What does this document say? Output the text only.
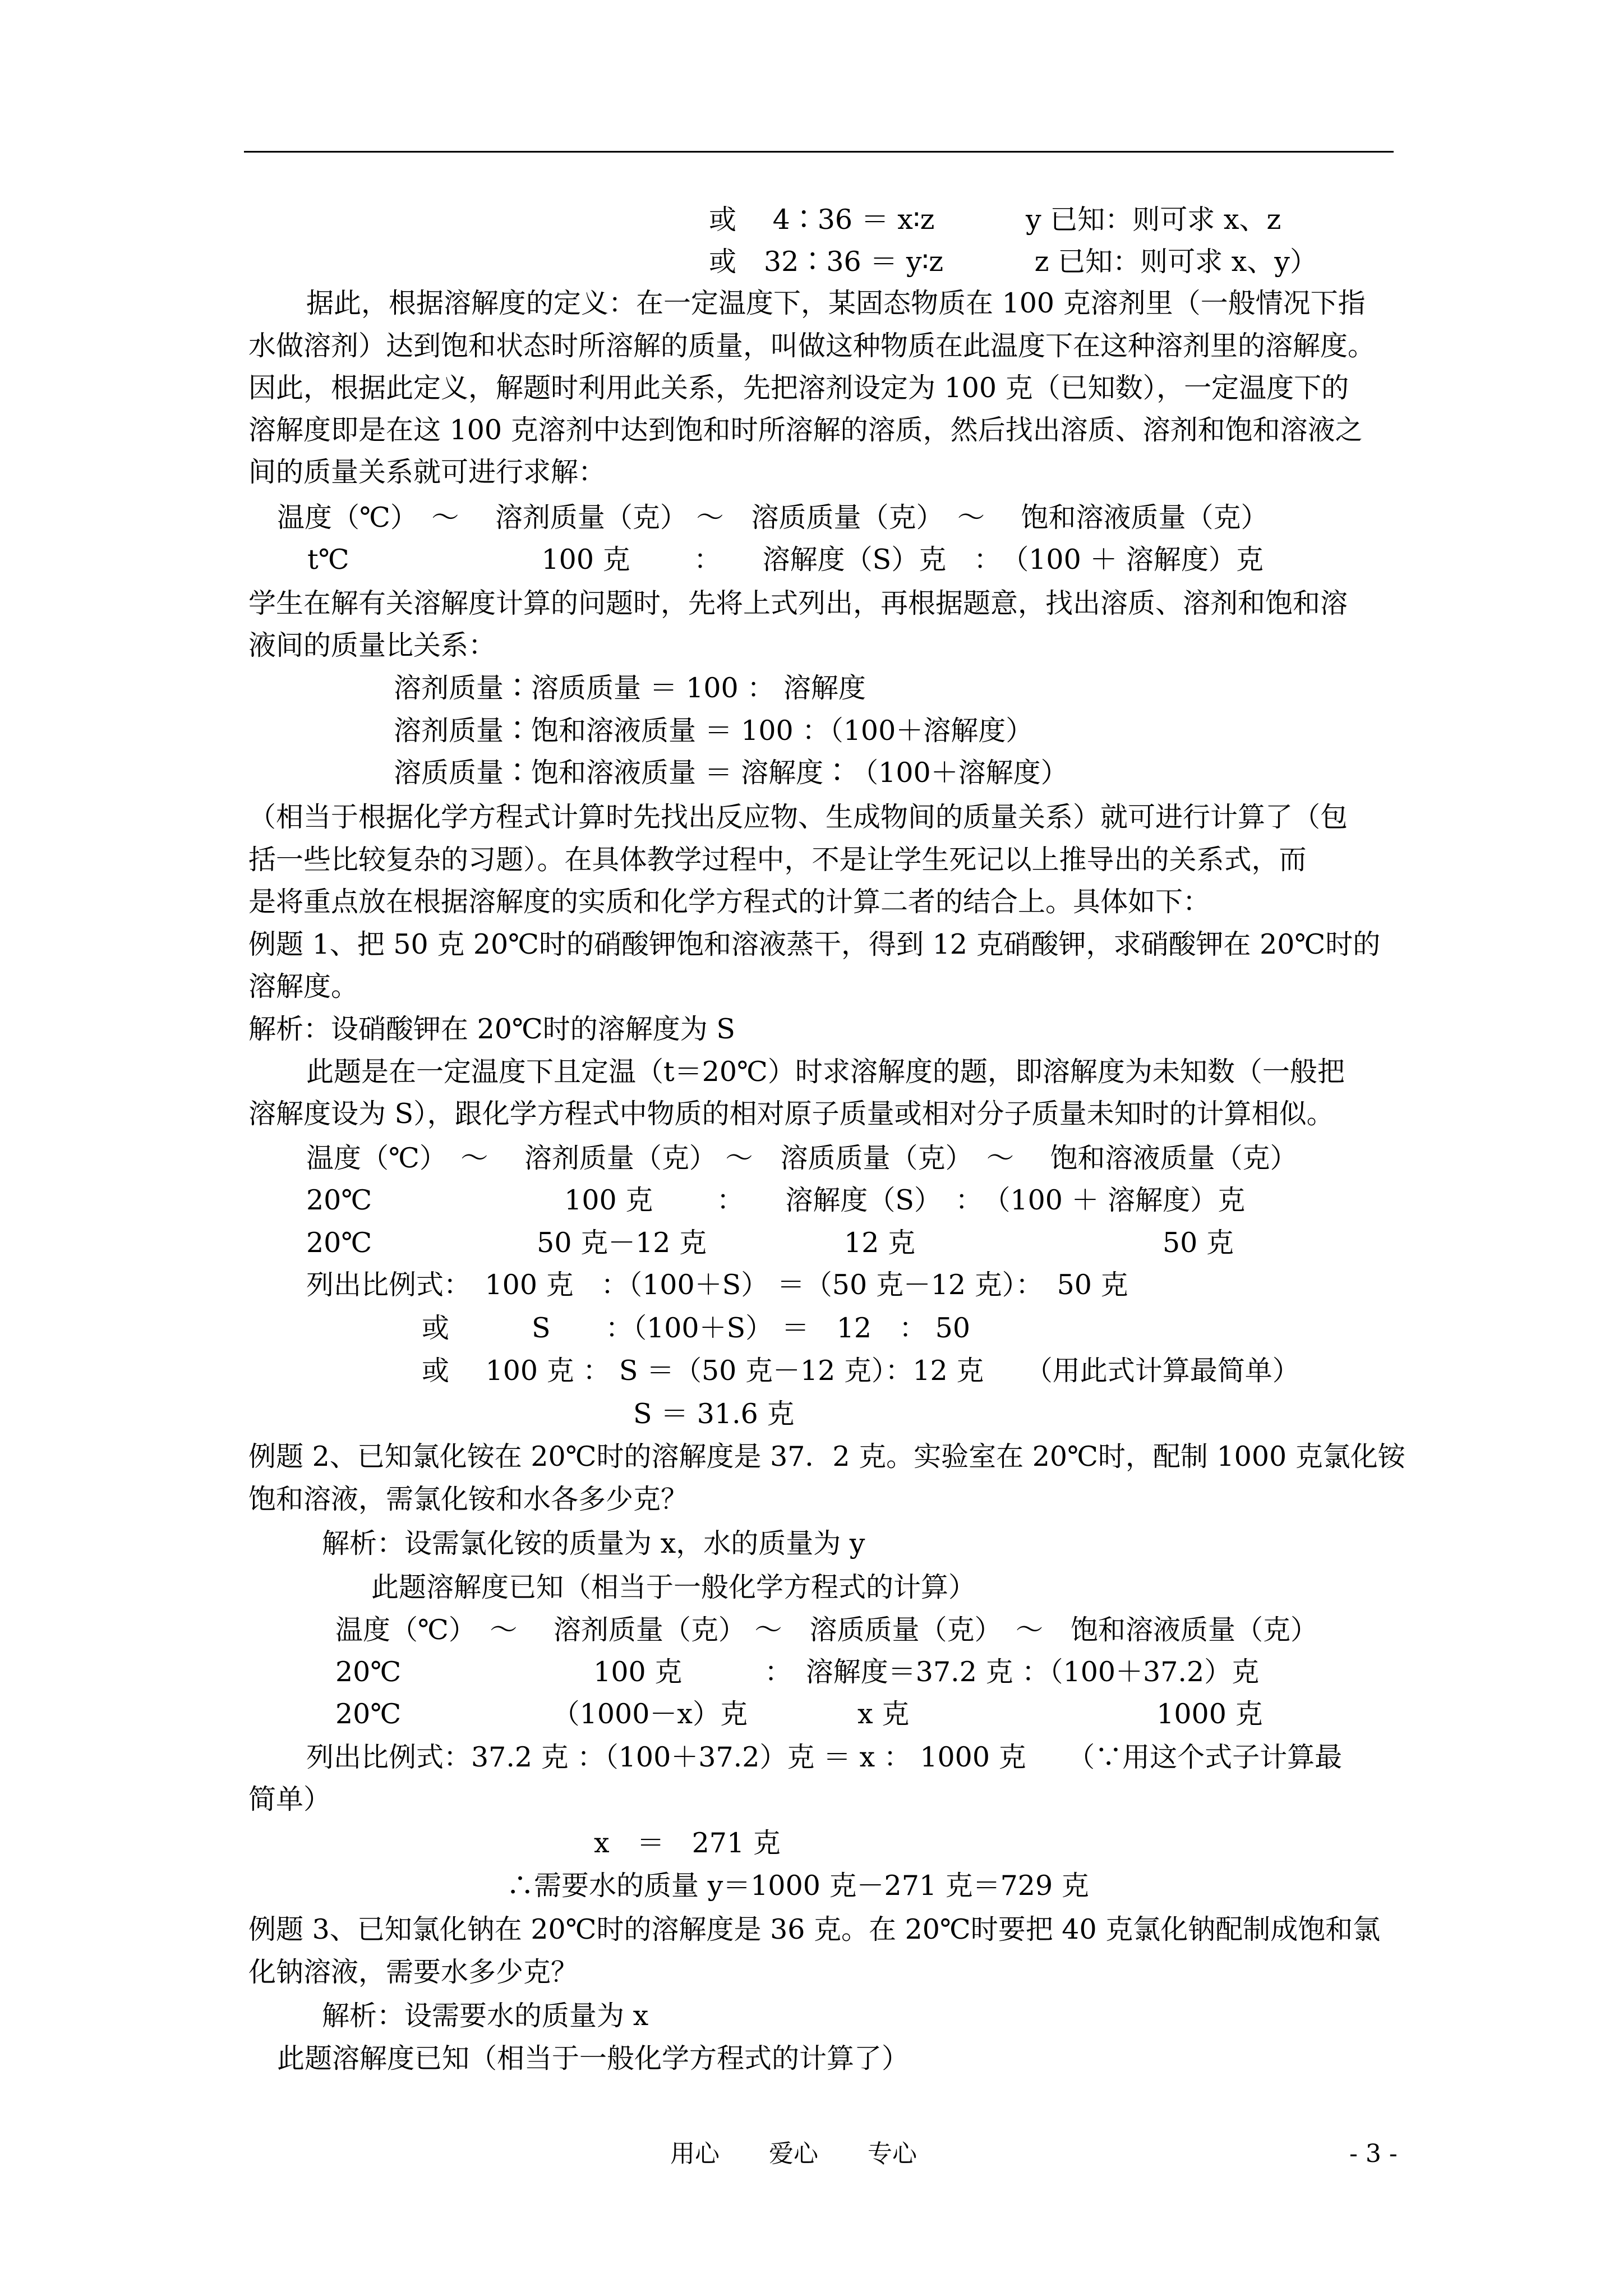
或　 4∶36 ＝ x∶z　　　 y 已知：则可求 x、z
或　32∶36 ＝ y∶z　　　 z 已知：则可求 x、y）
据此，根据溶解度的定义：在一定温度下，某固态物质在 100 克溶剂里（一般情况下指
水做溶剂）达到饱和状态时所溶解的质量，叫做这种物质在此温度下在这种溶剂里的溶解度。
因此，根据此定义，解题时利用此关系，先把溶剂设定为 100 克（已知数），一定温度下的
溶解度即是在这 100 克溶剂中达到饱和时所溶解的溶质，然后找出溶质、溶剂和饱和溶液之
间的质量关系就可进行求解：
温度（℃）　～　 溶剂质量（克） ～　溶质质量（克）　～　 饱和溶液质量（克）
t℃　　　　　　　100 克　　 ：　　溶解度（S）克　：　（100 ＋ 溶解度）克
学生在解有关溶解度计算的问题时，先将上式列出，再根据题意，找出溶质、溶剂和饱和溶
液间的质量比关系：
溶剂质量∶溶质质量 ＝ 100 ： 溶解度
溶剂质量∶饱和溶液质量 ＝ 100 ：（100＋溶解度）
溶质质量∶饱和溶液质量 ＝ 溶解度∶（100＋溶解度）
（相当于根据化学方程式计算时先找出反应物、生成物间的质量关系）就可进行计算了（包
括一些比较复杂的习题）。在具体教学过程中，不是让学生死记以上推导出的关系式，而
是将重点放在根据溶解度的实质和化学方程式的计算二者的结合上。具体如下：
例题 1、把 50 克 20℃时的硝酸钾饱和溶液蒸干，得到 12 克硝酸钾，求硝酸钾在 20℃时的
溶解度。
解析：设硝酸钾在 20℃时的溶解度为 S
此题是在一定温度下且定温（t＝20℃）时求溶解度的题，即溶解度为未知数（一般把
溶解度设为 S），跟化学方程式中物质的相对原子质量或相对分子质量未知时的计算相似。
温度（℃）　～　 溶剂质量（克） ～　溶质质量（克）　～　 饱和溶液质量（克）
20℃　　　　　　　100 克　　 ：　　溶解度（S）　：　（100 ＋ 溶解度）克
20℃　　　　　　50 克－12 克　　　　　12 克　　　　　　　　　50 克
列出比例式：　100 克　：（100＋S） ＝（50 克－12 克）：　50 克
或　　　S　　：（100＋S） ＝　12　： 50
或　 100 克 ： S ＝（50 克－12 克）：12 克　　（用此式计算最简单）
S ＝ 31.6 克
例题 2、已知氯化铵在 20℃时的溶解度是 37．2 克。实验室在 20℃时，配制 1000 克氯化铵
饱和溶液，需氯化铵和水各多少克？
解析：设需氯化铵的质量为 x，水的质量为 y
此题溶解度已知（相当于一般化学方程式的计算）
温度（℃）　～　 溶剂质量（克） ～　溶质质量（克）　～　饱和溶液质量（克）
20℃　　　　　　　100 克　　　：　溶解度＝37.2 克 ：（100＋37.2）克
20℃　　　　　　（1000－x）克　　　　x 克　　　　　　　　　1000 克
列出比例式：37.2 克 ：（100＋37.2）克 ＝ x ： 1000 克　　（∵用这个式子计算最
简单）
x　＝　271 克
∴需要水的质量 y＝1000 克－271 克＝729 克
例题 3、已知氯化钠在 20℃时的溶解度是 36 克。在 20℃时要把 40 克氯化钠配制成饱和氯
化钠溶液，需要水多少克？
解析：设需要水的质量为 x
此题溶解度已知（相当于一般化学方程式的计算了）
用心　　爱心　　专心	- 3 -
